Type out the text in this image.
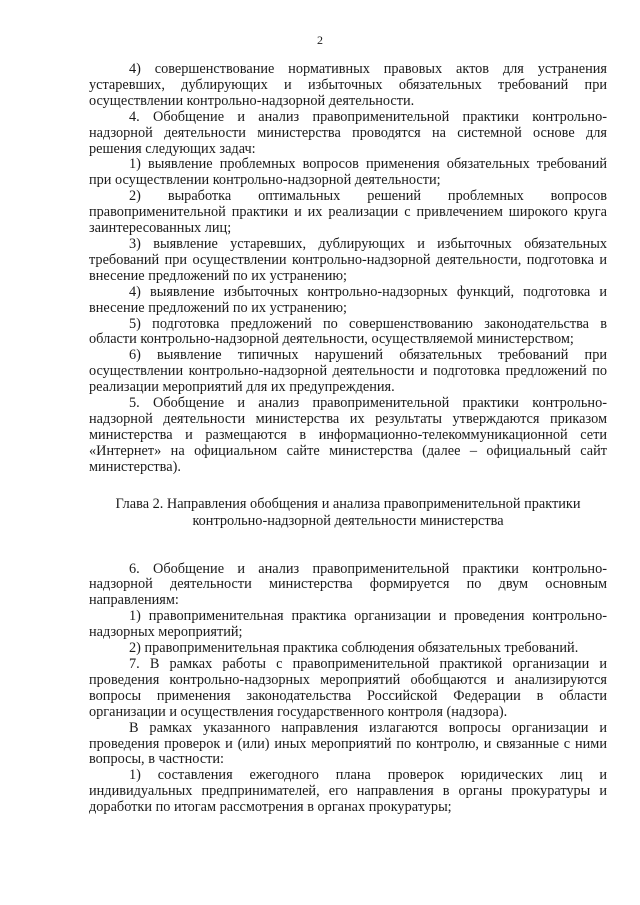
2

4) совершенствование нормативных правовых актов для устранения устаревших, дублирующих и избыточных обязательных требований при осуществлении контрольно-надзорной деятельности.

4. Обобщение и анализ правоприменительной практики контрольно-надзорной деятельности министерства проводятся на системной основе для решения следующих задач:

1) выявление проблемных вопросов применения обязательных требований при осуществлении контрольно-надзорной деятельности;

2) выработка оптимальных решений проблемных вопросов правоприменительной практики и их реализации с привлечением широкого круга заинтересованных лиц;

3) выявление устаревших, дублирующих и избыточных обязательных требований при осуществлении контрольно-надзорной деятельности, подготовка и внесение предложений по их устранению;

4) выявление избыточных контрольно-надзорных функций, подготовка и внесение предложений по их устранению;

5) подготовка предложений по совершенствованию законодательства в области контрольно-надзорной деятельности, осуществляемой министерством;

6) выявление типичных нарушений обязательных требований при осуществлении контрольно-надзорной деятельности и подготовка предложений по реализации мероприятий для их предупреждения.

5. Обобщение и анализ правоприменительной практики контрольно-надзорной деятельности министерства их результаты утверждаются приказом министерства и размещаются в информационно-телекоммуникационной сети «Интернет» на официальном сайте министерства (далее – официальный сайт министерства).

Глава 2. Направления обобщения и анализа правоприменительной практики
контрольно-надзорной деятельности министерства

6. Обобщение и анализ правоприменительной практики контрольно-надзорной деятельности министерства формируется по двум основным направлениям:

1) правоприменительная практика организации и проведения контрольно-надзорных мероприятий;

2) правоприменительная практика соблюдения обязательных требований.

7. В рамках работы с правоприменительной практикой организации и проведения контрольно-надзорных мероприятий обобщаются и анализируются вопросы применения законодательства Российской Федерации в области организации и осуществления государственного контроля (надзора).

В рамках указанного направления излагаются вопросы организации и проведения проверок и (или) иных мероприятий по контролю, и связанные с ними вопросы, в частности:

1) составления ежегодного плана проверок юридических лиц и индивидуальных предпринимателей, его направления в органы прокуратуры и доработки по итогам рассмотрения в органах прокуратуры;
